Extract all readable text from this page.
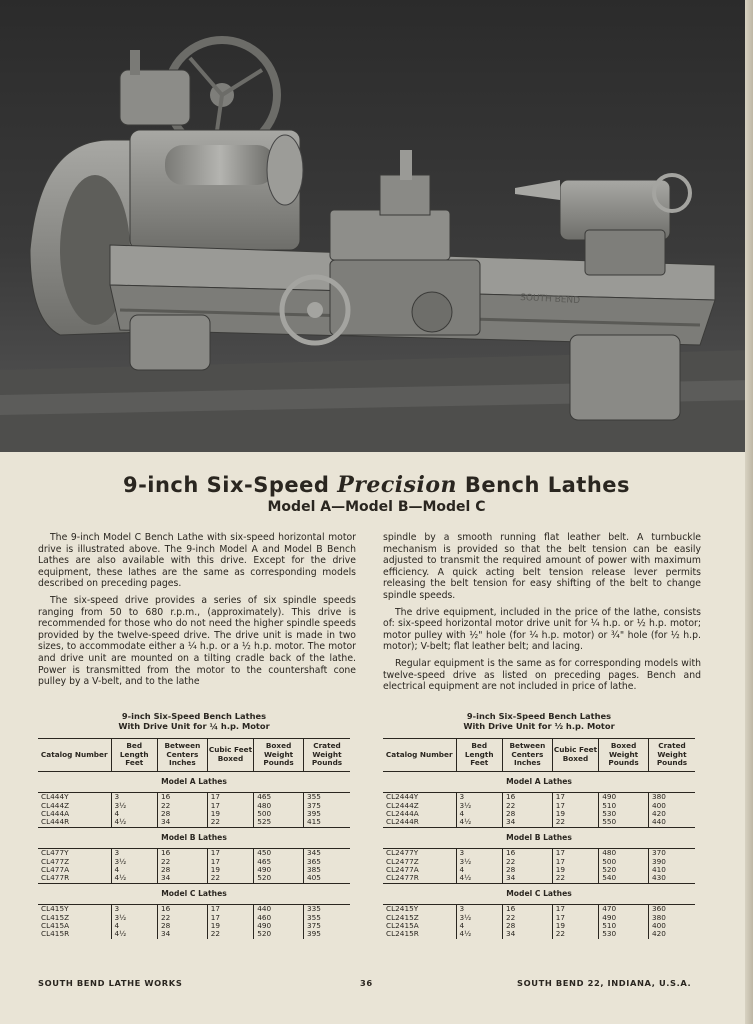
SOUTH BEND
9-inch Six-Speed Precision Bench Lathes
Model A—Model B—Model C

The 9-inch Model C Bench Lathe with six-speed horizontal motor drive is illustrated above. The 9-inch Model A and Model B Bench Lathes are also available with this drive. Except for the drive equipment, these lathes are the same as corresponding models described on preceding pages.

The six-speed drive provides a series of six spindle speeds ranging from 50 to 680 r.p.m., (approximately). This drive is recommended for those who do not need the higher spindle speeds provided by the twelve-speed drive. The drive unit is made in two sizes, to accommodate either a ¼ h.p. or a ½ h.p. motor. The motor and drive unit are mounted on a tilting cradle back of the lathe. Power is transmitted from the motor to the countershaft cone pulley by a V-belt, and to the lathe

spindle by a smooth running flat leather belt. A turnbuckle mechanism is provided so that the belt tension can be easily adjusted to transmit the required amount of power with maximum efficiency. A quick acting belt tension release lever permits releasing the belt tension for easy shifting of the belt to change spindle speeds.

The drive equipment, included in the price of the lathe, consists of: six-speed horizontal motor drive unit for ¼ h.p. or ½ h.p. motor; motor pulley with ½" hole (for ¼ h.p. motor) or ¾" hole (for ½ h.p. motor); V-belt; flat leather belt; and lacing.

Regular equipment is the same as for corresponding models with twelve-speed drive as listed on preceding pages. Bench and electrical equipment are not included in price of lathe.

9-inch Six-Speed Bench Lathes
With Drive Unit for ¼ h.p. Motor
Catalog Number	Bed Length Feet	Between Centers Inches	Cubic Feet Boxed	Boxed Weight Pounds	Crated Weight Pounds
Model A Lathes					
CL444Y	3	16	17	465	355
CL444Z	3½	22	17	480	375
CL444A	4	28	19	500	395
CL444R	4½	34	22	525	415
Model B Lathes					
CL477Y	3	16	17	450	345
CL477Z	3½	22	17	465	365
CL477A	4	28	19	490	385
CL477R	4½	34	22	520	405
Model C Lathes					
CL415Y	3	16	17	440	335
CL415Z	3½	22	17	460	355
CL415A	4	28	19	490	375
CL415R	4½	34	22	520	395
9-inch Six-Speed Bench Lathes
With Drive Unit for ½ h.p. Motor
Catalog Number	Bed Length Feet	Between Centers Inches	Cubic Feet Boxed	Boxed Weight Pounds	Crated Weight Pounds
Model A Lathes					
CL2444Y	3	16	17	490	380
CL2444Z	3½	22	17	510	400
CL2444A	4	28	19	530	420
CL2444R	4½	34	22	550	440
Model B Lathes					
CL2477Y	3	16	17	480	370
CL2477Z	3½	22	17	500	390
CL2477A	4	28	19	520	410
CL2477R	4½	34	22	540	430
Model C Lathes					
CL2415Y	3	16	17	470	360
CL2415Z	3½	22	17	490	380
CL2415A	4	28	19	510	400
CL2415R	4½	34	22	530	420
SOUTH BEND LATHE WORKS	36	SOUTH BEND 22, INDIANA, U.S.A.
